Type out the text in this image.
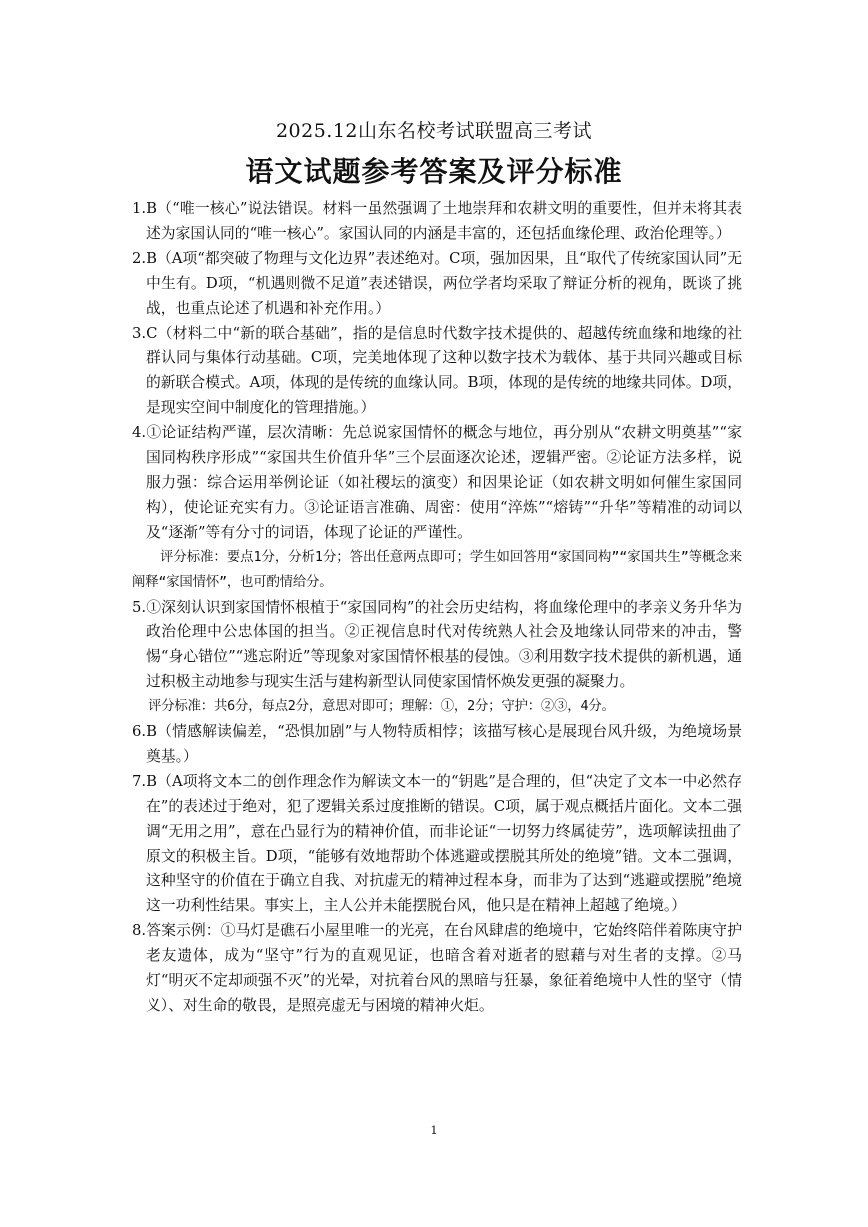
2025.12山东名校考试联盟高三考试
语文试题参考答案及评分标准

1.B（“唯一核心”说法错误。材料一虽然强调了土地崇拜和农耕文明的重要性，但并未将其表述为家国认同的“唯一核心”。家国认同的内涵是丰富的，还包括血缘伦理、政治伦理等。）

2.B（A项“都突破了物理与文化边界”表述绝对。C项，强加因果，且“取代了传统家国认同”无中生有。D项，“机遇则微不足道”表述错误，两位学者均采取了辩证分析的视角，既谈了挑战，也重点论述了机遇和补充作用。）

3.C（材料二中“新的联合基础”，指的是信息时代数字技术提供的、超越传统血缘和地缘的社群认同与集体行动基础。C项，完美地体现了这种以数字技术为载体、基于共同兴趣或目标的新联合模式。A项，体现的是传统的血缘认同。B项，体现的是传统的地缘共同体。D项，是现实空间中制度化的管理措施。）

4.①论证结构严谨，层次清晰：先总说家国情怀的概念与地位，再分别从“农耕文明奠基”“家国同构秩序形成”“家国共生价值升华”三个层面逐次论述，逻辑严密。②论证方法多样，说服力强：综合运用举例论证（如社稷坛的演变）和因果论证（如农耕文明如何催生家国同构），使论证充实有力。③论证语言准确、周密：使用“淬炼”“熔铸”“升华”等精准的动词以及“逐渐”等有分寸的词语，体现了论证的严谨性。

评分标准：要点1分，分析1分；答出任意两点即可；学生如回答用“家国同构”“家国共生”等概念来阐释“家国情怀”，也可酌情给分。

5.①深刻认识到家国情怀根植于“家国同构”的社会历史结构，将血缘伦理中的孝亲义务升华为政治伦理中公忠体国的担当。②正视信息时代对传统熟人社会及地缘认同带来的冲击，警惕“身心错位”“逃忘附近”等现象对家国情怀根基的侵蚀。③利用数字技术提供的新机遇，通过积极主动地参与现实生活与建构新型认同使家国情怀焕发更强的凝聚力。

评分标准：共6分，每点2分，意思对即可；理解：①，2分；守护：②③，4分。

6.B（情感解读偏差，“恐惧加剧”与人物特质相悖；该描写核心是展现台风升级，为绝境场景奠基。）

7.B（A项将文本二的创作理念作为解读文本一的“钥匙”是合理的，但“决定了文本一中必然存在”的表述过于绝对，犯了逻辑关系过度推断的错误。C项，属于观点概括片面化。文本二强调“无用之用”，意在凸显行为的精神价值，而非论证“一切努力终属徒劳”，选项解读扭曲了原文的积极主旨。D项，“能够有效地帮助个体逃避或摆脱其所处的绝境”错。文本二强调，这种坚守的价值在于确立自我、对抗虚无的精神过程本身，而非为了达到“逃避或摆脱”绝境这一功利性结果。事实上，主人公并未能摆脱台风，他只是在精神上超越了绝境。）

8.答案示例：①马灯是礁石小屋里唯一的光亮，在台风肆虐的绝境中，它始终陪伴着陈庚守护老友遗体，成为“坚守”行为的直观见证，也暗含着对逝者的慰藉与对生者的支撑。②马灯“明灭不定却顽强不灭”的光晕，对抗着台风的黑暗与狂暴，象征着绝境中人性的坚守（情义）、对生命的敬畏，是照亮虚无与困境的精神火炬。

1
